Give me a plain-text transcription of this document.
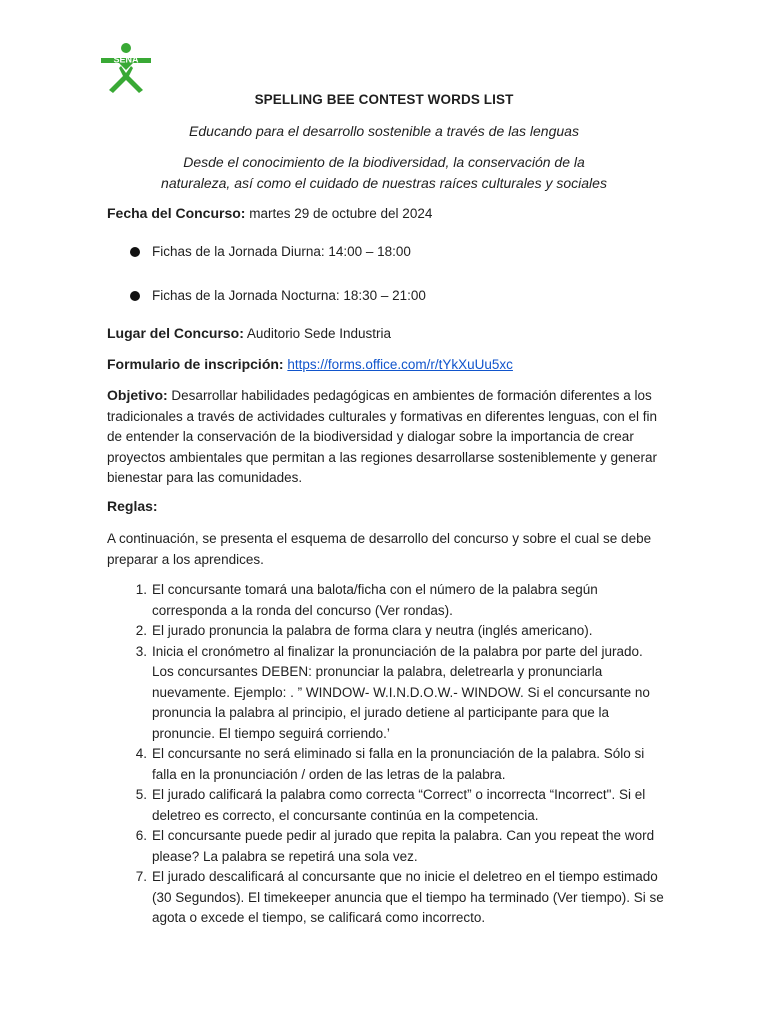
SENA
SPELLING BEE CONTEST WORDS LIST
Educando para el desarrollo sostenible a través de las lenguas
Desde el conocimiento de la biodiversidad, la conservación de la naturaleza, así como el cuidado de nuestras raíces culturales y sociales
Fecha del Concurso: martes 29 de octubre del 2024
Fichas de la Jornada Diurna: 14:00 – 18:00
Fichas de la Jornada Nocturna: 18:30 – 21:00
Lugar del Concurso: Auditorio Sede Industria
Formulario de inscripción: https://forms.office.com/r/tYkXuUu5xc
Objetivo: Desarrollar habilidades pedagógicas en ambientes de formación diferentes a los tradicionales a través de actividades culturales y formativas en diferentes lenguas, con el fin de entender la conservación de la biodiversidad y dialogar sobre la importancia de crear proyectos ambientales que permitan a las regiones desarrollarse sosteniblemente y generar bienestar para las comunidades.
Reglas:
A continuación, se presenta el esquema de desarrollo del concurso y sobre el cual se debe preparar a los aprendices.
1. El concursante tomará una balota/ficha con el número de la palabra según corresponda a la ronda del concurso (Ver rondas).
2. El jurado pronuncia la palabra de forma clara y neutra (inglés americano).
3. Inicia el cronómetro al finalizar la pronunciación de la palabra por parte del jurado. Los concursantes DEBEN: pronunciar la palabra, deletrearla y pronunciarla nuevamente. Ejemplo: . ” WINDOW- W.I.N.D.O.W.- WINDOW. Si el concursante no pronuncia la palabra al principio, el jurado detiene al participante para que la pronuncie. El tiempo seguirá corriendo.’
4. El concursante no será eliminado si falla en la pronunciación de la palabra. Sólo si falla en la pronunciación / orden de las letras de la palabra.
5. El jurado calificará la palabra como correcta “Correct” o incorrecta “Incorrect". Si el deletreo es correcto, el concursante continúa en la competencia.
6. El concursante puede pedir al jurado que repita la palabra. Can you repeat the word please? La palabra se repetirá una sola vez.
7. El jurado descalificará al concursante que no inicie el deletreo en el tiempo estimado (30 Segundos). El timekeeper anuncia que el tiempo ha terminado (Ver tiempo). Si se agota o excede el tiempo, se calificará como incorrecto.
